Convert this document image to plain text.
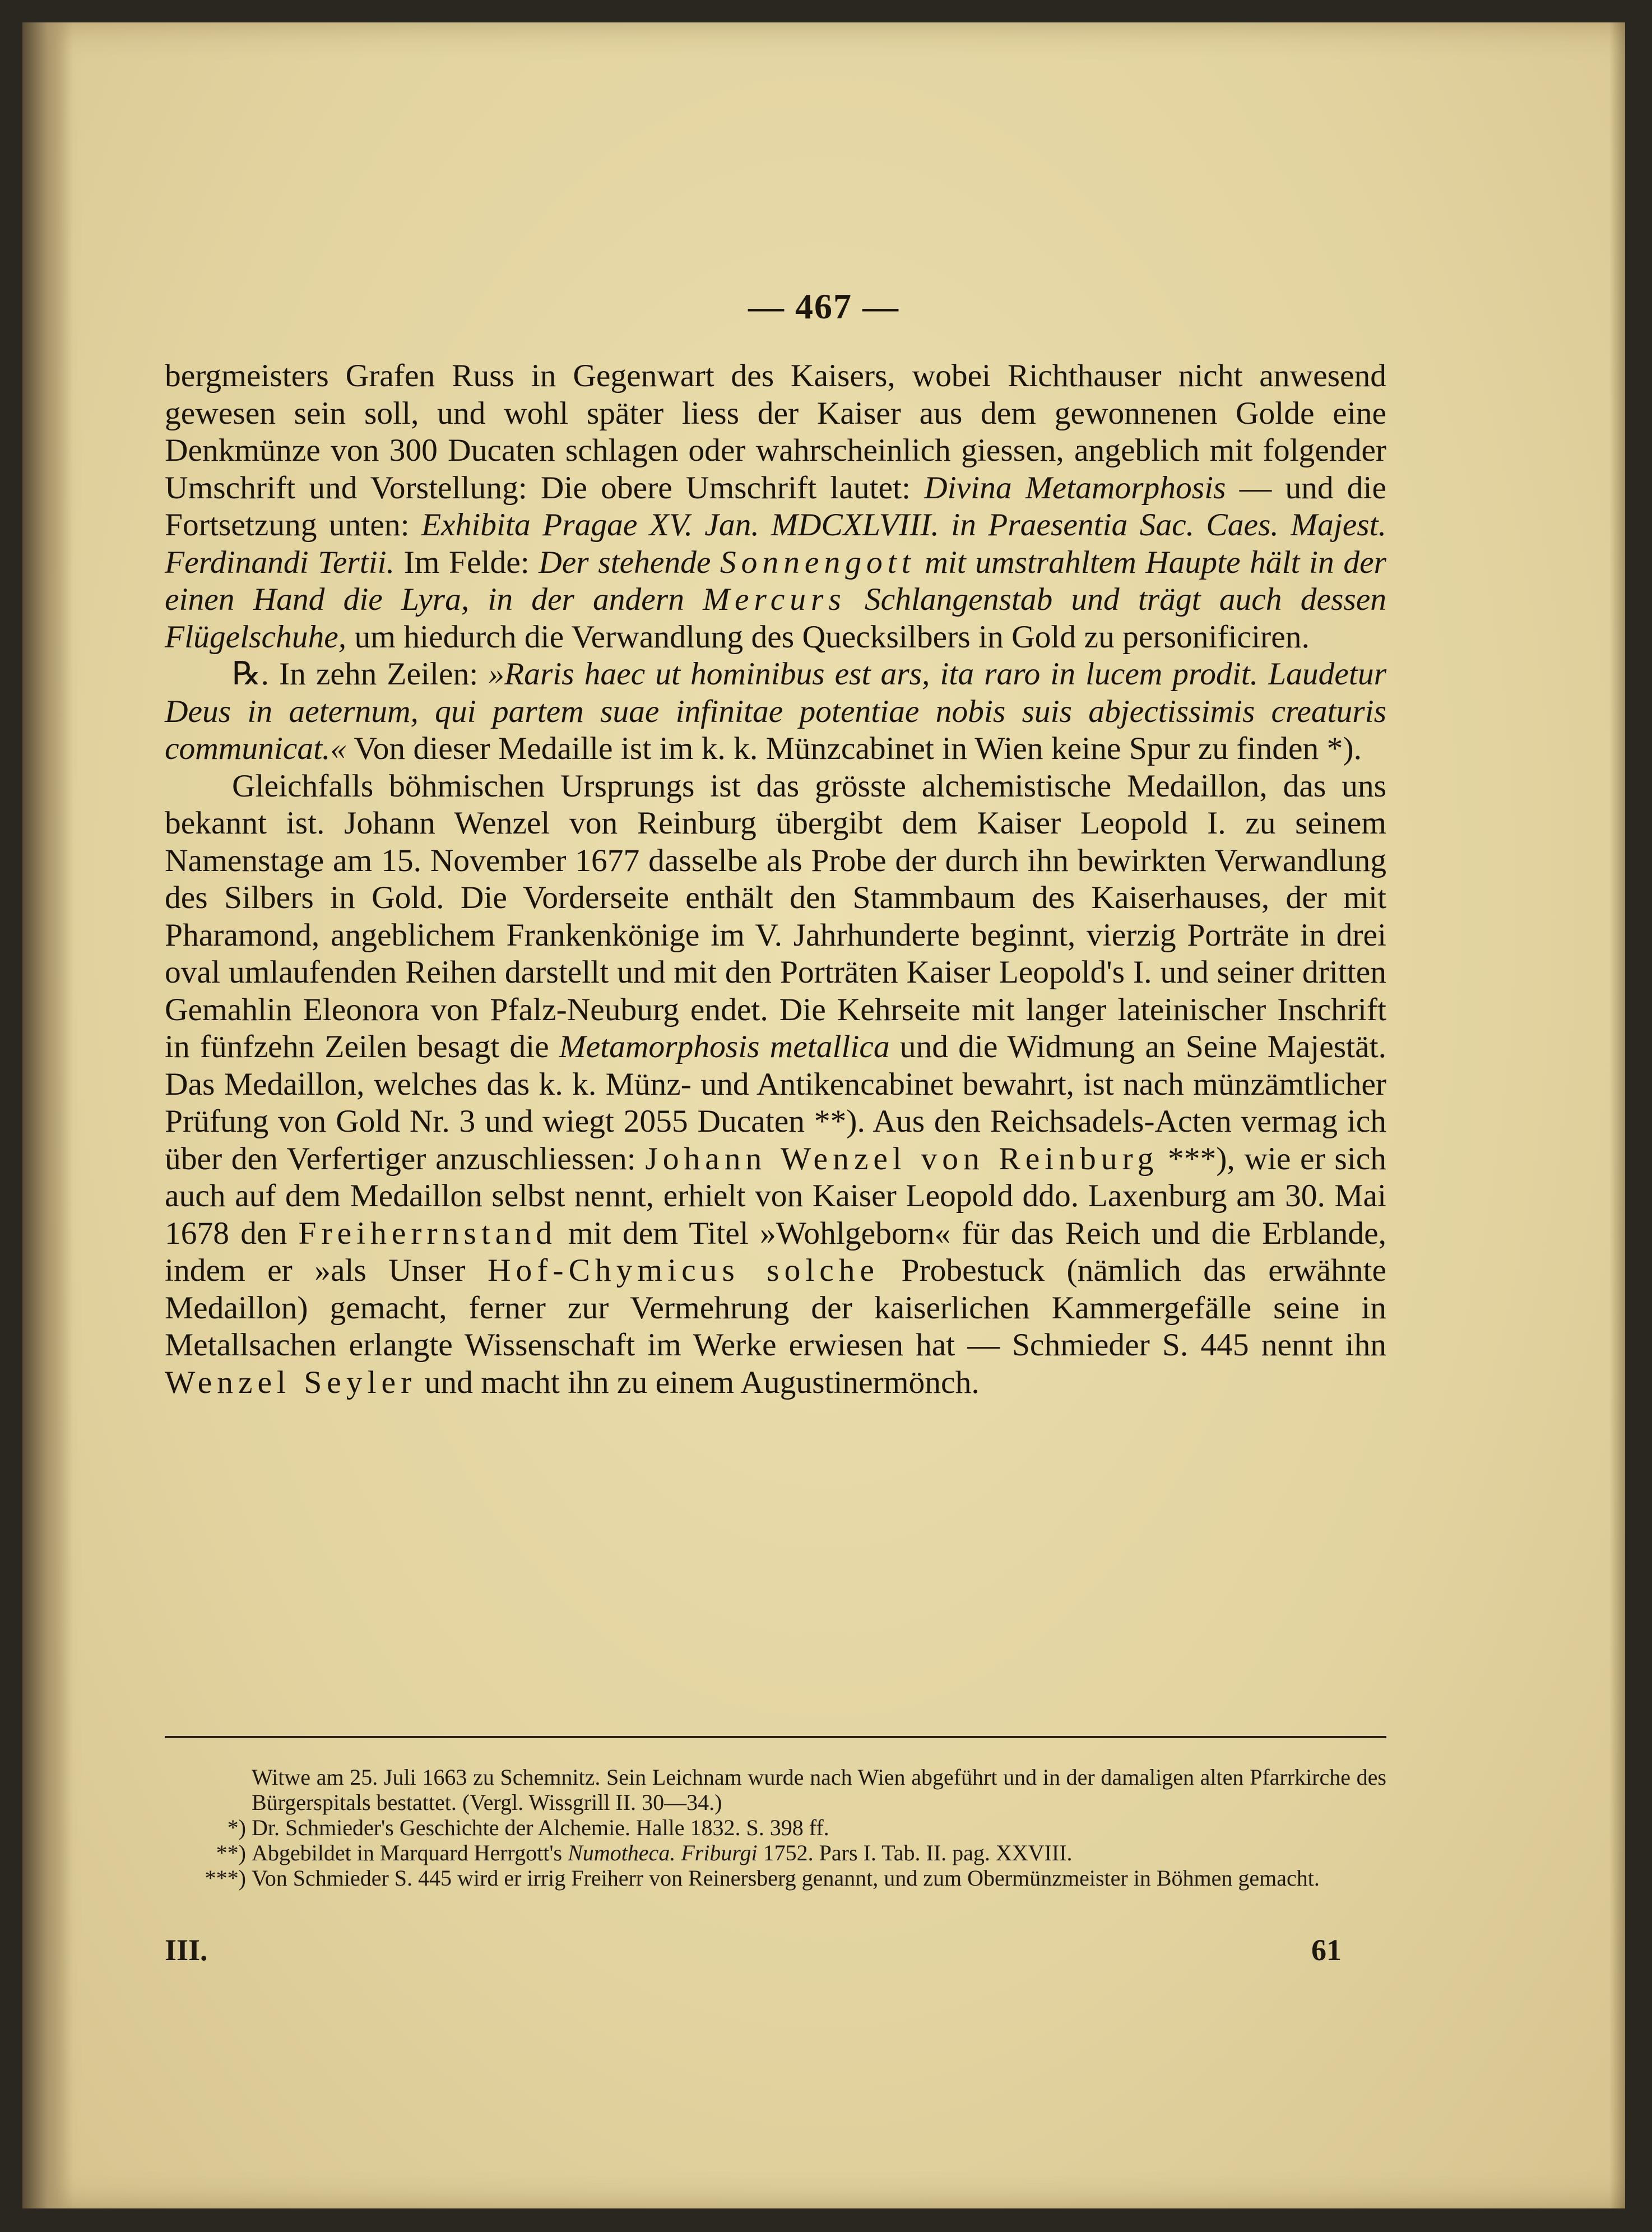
— 467 —

bergmeisters Grafen Russ in Gegenwart des Kaisers, wobei Richthauser nicht anwesend gewesen sein soll, und wohl später liess der Kaiser aus dem gewonnenen Golde eine Denkmünze von 300 Ducaten schlagen oder wahrscheinlich giessen, angeblich mit folgender Umschrift und Vorstellung: Die obere Umschrift lautet: Divina Metamorphosis — und die Fortsetzung unten: Exhibita Pragae XV. Jan. MDCXLVIII. in Praesentia Sac. Caes. Majest. Ferdinandi Tertii. Im Felde: Der stehende Sonnengott mit umstrahltem Haupte hält in der einen Hand die Lyra, in der andern Mercurs Schlangenstab und trägt auch dessen Flügelschuhe, um hiedurch die Verwandlung des Quecksilbers in Gold zu personificiren.

℞. In zehn Zeilen: »Raris haec ut hominibus est ars, ita raro in lucem prodit. Laudetur Deus in aeternum, qui partem suae infinitae potentiae nobis suis abjectissimis creaturis communicat.« Von dieser Medaille ist im k. k. Münzcabinet in Wien keine Spur zu finden *).

Gleichfalls böhmischen Ursprungs ist das grösste alchemistische Medaillon, das uns bekannt ist. Johann Wenzel von Reinburg übergibt dem Kaiser Leopold I. zu seinem Namenstage am 15. November 1677 dasselbe als Probe der durch ihn bewirkten Verwandlung des Silbers in Gold. Die Vorderseite enthält den Stammbaum des Kaiserhauses, der mit Pharamond, angeblichem Frankenkönige im V. Jahrhunderte beginnt, vierzig Porträte in drei oval umlaufenden Reihen darstellt und mit den Porträten Kaiser Leopold's I. und seiner dritten Gemahlin Eleonora von Pfalz-Neuburg endet. Die Kehrseite mit langer lateinischer Inschrift in fünfzehn Zeilen besagt die Metamorphosis metallica und die Widmung an Seine Majestät. Das Medaillon, welches das k. k. Münz- und Antikencabinet bewahrt, ist nach münzämtlicher Prüfung von Gold Nr. 3 und wiegt 2055 Ducaten **). Aus den Reichsadels-Acten vermag ich über den Verfertiger anzuschliessen: Johann Wenzel von Reinburg ***), wie er sich auch auf dem Medaillon selbst nennt, erhielt von Kaiser Leopold ddo. Laxenburg am 30. Mai 1678 den Freiherrnstand mit dem Titel »Wohlgeborn« für das Reich und die Erblande, indem er »als Unser Hof-Chymicus solche Probestuck (nämlich das erwähnte Medaillon) gemacht, ferner zur Vermehrung der kaiserlichen Kammergefälle seine in Metallsachen erlangte Wissenschaft im Werke erwiesen hat — Schmieder S. 445 nennt ihn Wenzel Seyler und macht ihn zu einem Augustinermönch.

Witwe am 25. Juli 1663 zu Schemnitz. Sein Leichnam wurde nach Wien abgeführt und in der damaligen alten Pfarrkirche des Bürgerspitals bestattet. (Vergl. Wissgrill II. 30—34.)

*) Dr. Schmieder's Geschichte der Alchemie. Halle 1832. S. 398 ff.

**) Abgebildet in Marquard Herrgott's Numotheca. Friburgi 1752. Pars I. Tab. II. pag. XXVIII.

***) Von Schmieder S. 445 wird er irrig Freiherr von Reinersberg genannt, und zum Obermünzmeister in Böhmen gemacht.

III.	61
